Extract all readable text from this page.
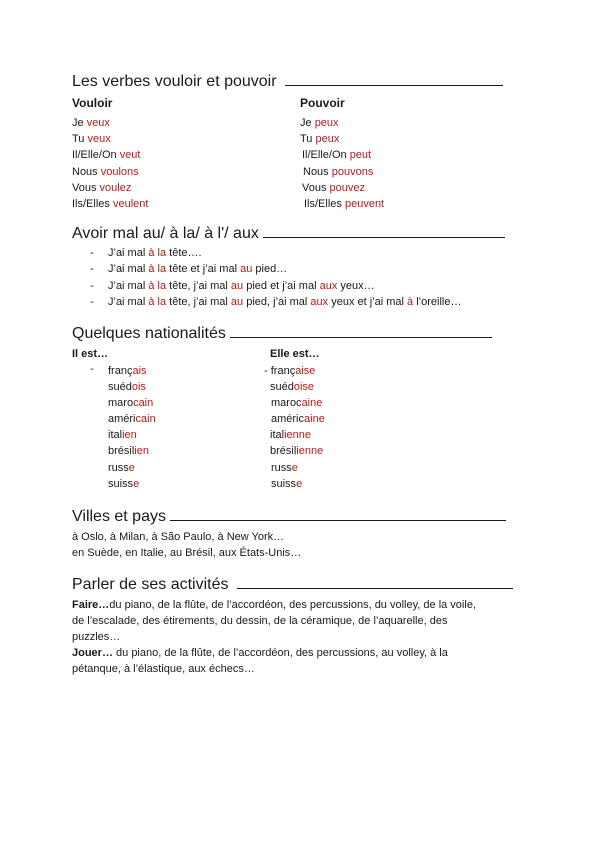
Les verbes vouloir et pouvoir
Vouloir	Pouvoir
Je veux
Tu veux
Il/Elle/On veut
Nous voulons
Vous voulez
Ils/Elles veulent
Je peux
Tu peux
Il/Elle/On peut
Nous pouvons
Vous pouvez
Ils/Elles peuvent
Avoir mal au/ à la/ à l'/ aux
- J’ai mal à la tête….
- J’ai mal à la tête et j’ai mal au pied…
- J’ai mal à la tête, j’ai mal au pied et j’ai mal aux yeux…
- J’ai mal à la tête, j’ai mal au pied, j’ai mal aux yeux et j’ai mal à l’oreille…
Quelques nationalités
Il est…	Elle est…
- français
suédois
marocain
américain
italien
brésilien
russe
suisse
- française
suédoise
marocaine
américaine
italienne
brésilienne
russe
suisse
Villes et pays
à Oslo, à Milan, à São Paulo, à New York…
en Suède, en Italie, au Brésil, aux États-Unis…
Parler de ses activités
Faire…du piano, de la flûte, de l’accordéon, des percussions, du volley, de la voile,
de l’escalade, des étirements, du dessin, de la céramique, de l’aquarelle, des
puzzles…
Jouer… du piano, de la flûte, de l’accordéon, des percussions, au volley, à la
pétanque, à l’élastique, aux échecs…
